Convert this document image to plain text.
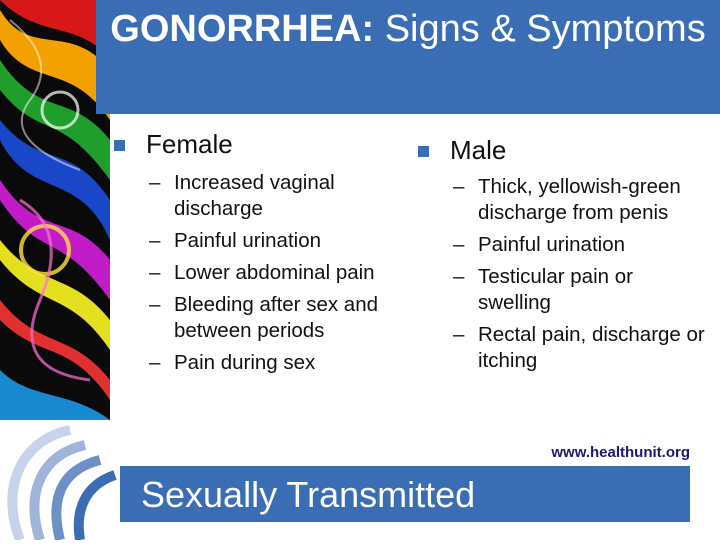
GONORRHEA: Signs & Symptoms
Female
– Increased vaginal discharge
– Painful urination
– Lower abdominal pain
– Bleeding after sex and between periods
– Pain during sex
Male
– Thick, yellowish-green discharge from penis
– Painful urination
– Testicular pain or swelling
– Rectal pain, discharge or itching
www.healthunit.org
Sexually Transmitted
